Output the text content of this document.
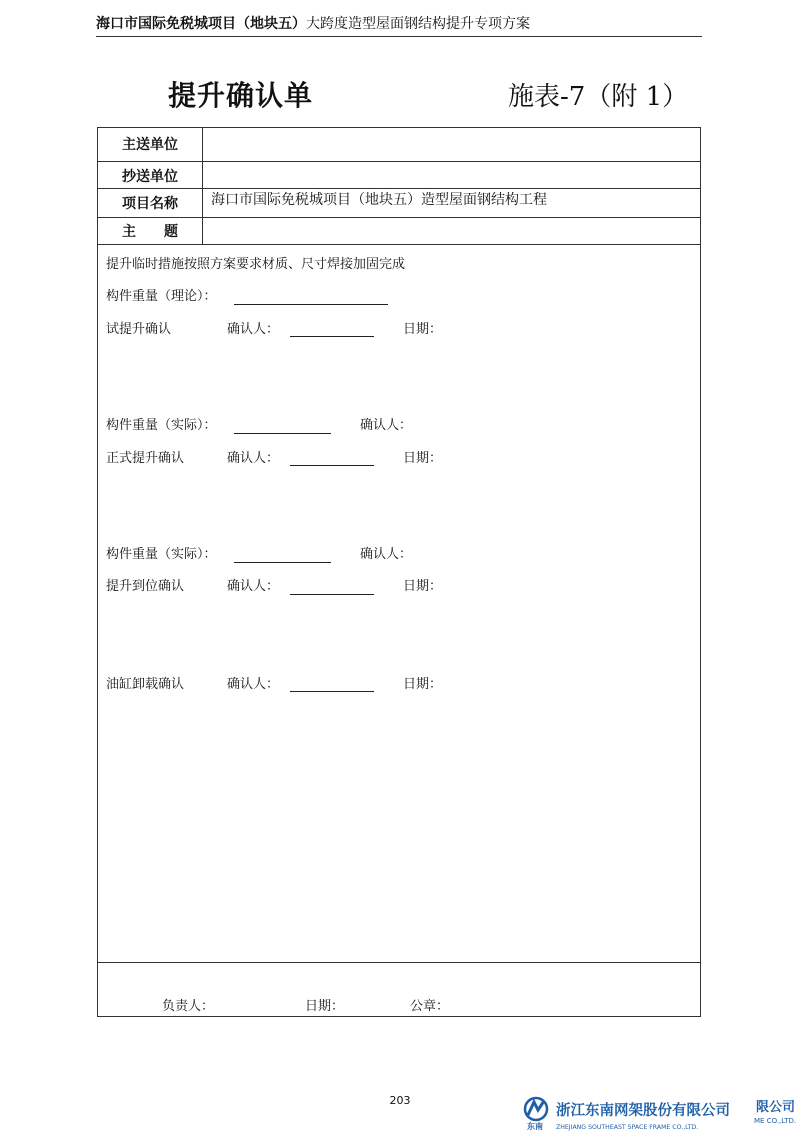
海口市国际免税城项目（地块五）大跨度造型屋面钢结构提升专项方案
提升确认单	施表-7（附 1）
主送单位
抄送单位
项目名称	海口市国际免税城项目（地块五）造型屋面钢结构工程
主　　题
提升临时措施按照方案要求材质、尺寸焊接加固完成
构件重量（理论）：
试提升确认	确认人：	日期：
构件重量（实际）：	确认人：
正式提升确认	确认人：	日期：
构件重量（实际）：	确认人：
提升到位确认	确认人：	日期：
油缸卸载确认	确认人：	日期：
负责人：	日期：	公章：
203
东南
浙江东南网架股份有限公司
ZHEJIANG SOUTHEAST SPACE FRAME CO.,LTD.
限公司
ME CO.,LTD.
